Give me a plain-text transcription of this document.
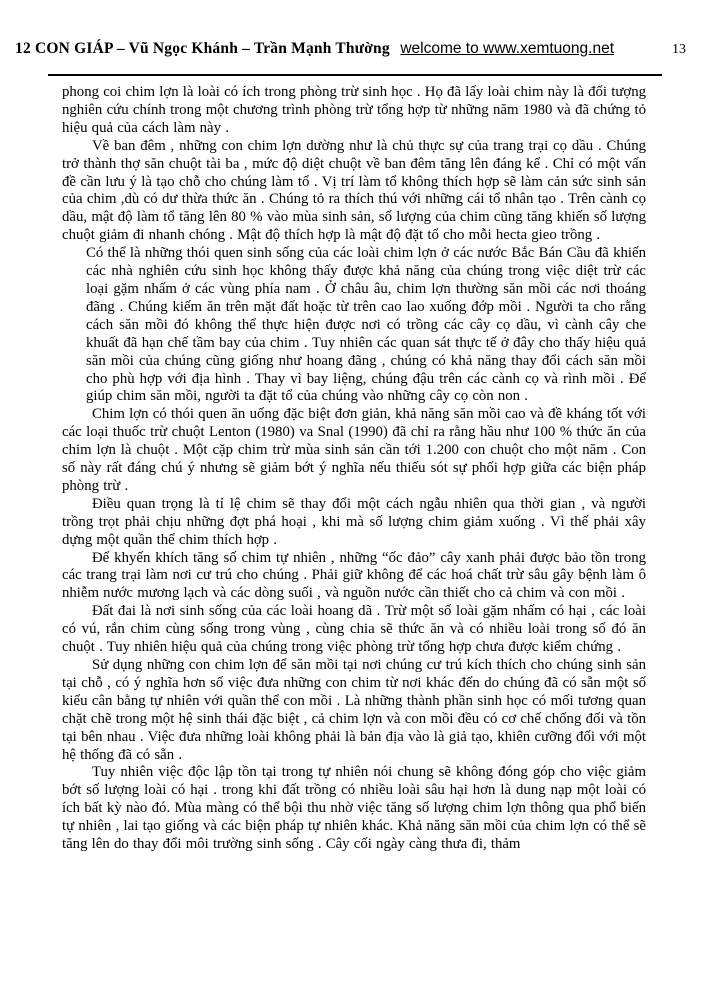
12 CON GIÁP – Vũ Ngọc Khánh – Trần Mạnh Thường welcome to www.xemtuong.net	13

phong coi chim lợn là loài có ích trong phòng trừ sinh học . Họ đã lấy loài chim này là đối tượng nghiên cứu chính trong một chương trình phòng trừ tổng hợp từ những năm 1980 và đã chứng tỏ hiệu quả của cách làm này .

Về ban đêm , những con chim lợn dường như là chủ thực sự của trang trại cọ dầu . Chúng trở thành thợ săn chuột tài ba , mức độ diệt chuột về ban đêm tăng lên đáng kể . Chỉ có một vấn đề cần lưu ý là tạo chỗ cho chúng làm tổ . Vị trí làm tổ không thích hợp sẽ làm cản sức sinh sản của chim ,dù có dư thừa thức ăn . Chúng tỏ ra thích thú với những cái tổ nhân tạo . Trên cành cọ dầu, mật độ làm tổ tăng lên 80 % vào mùa sinh sản, số lượng của chim cũng tăng khiến số lượng chuột giảm đi nhanh chóng . Mật độ thích hợp là mật độ đặt tổ cho mỗi hecta gieo trồng .

Có thể là những thói quen sinh sống của các loài chim lợn ở các nước Bắc Bán Cầu đã khiến các nhà nghiên cứu sinh học không thấy được khả năng của chúng trong việc diệt trừ các loại gặm nhấm ở các vùng phía nam . Ở châu âu, chim lợn thường săn mồi các nơi thoáng đãng . Chúng kiếm ăn trên mặt đất hoặc từ trên cao lao xuống đớp mồi . Người ta cho rằng cách săn mồi đó không thể thực hiện được nơi có trồng các cây cọ dầu, vì cành cây che khuất đã hạn chế tầm bay của chim . Tuy nhiên các quan sát thực tế ở đây cho thấy hiệu quả săn mồi của chúng cũng giống như hoang đãng , chúng có khả năng thay đổi cách săn mồi cho phù hợp với địa hình . Thay vì bay liệng, chúng đậu trên các cành cọ và rình mồi . Để giúp chim săn mồi, người ta đặt tổ của chúng vào những cây cọ còn non .

Chim lợn có thói quen ăn uống đặc biệt đơn giản, khả năng săn mồi cao và đề kháng tốt với các loại thuốc trừ chuột Lenton (1980) va Snal (1990) đã chỉ ra rằng hầu như 100 % thức ăn của chim lợn là chuột . Một cặp chim trừ mùa sinh sản cần tới 1.200 con chuột cho một năm . Con số này rất đáng chú ý nhưng sẽ giảm bớt ý nghĩa nếu thiếu sót sự phối hợp giữa các biện pháp phòng trừ .

Điều quan trọng là tỉ lệ chim sẽ thay đổi một cách ngẫu nhiên qua thời gian , và người trồng trọt phải chịu những đợt phá hoại , khi mà số lượng chim giảm xuống . Vì thế phải xây dựng một quần thể chim thích hợp .

Để khyến khích tăng số chim tự nhiên , những “ốc đảo” cây xanh phải được bảo tồn trong các trang trại làm nơi cư trú cho chúng . Phải giữ không để các hoá chất trừ sâu gây bệnh làm ô nhiễm nước mương lạch và các dòng suối , và nguồn nước cần thiết cho cả chim và con mồi .

Đất đai là nơi sinh sống của các loài hoang dã . Trừ một số loài gặm nhấm có hại , các loài có vú, rắn chim cùng sống trong vùng , cùng chia sẽ thức ăn và có nhiều loài trong số đó ăn chuột . Tuy nhiên hiệu quả của chúng trong việc phòng trừ tổng hợp chưa được kiểm chứng .

Sử dụng những con chim lợn để săn mồi tại nơi chúng cư trú kích thích cho chúng sinh sản tại chỗ , có ý nghĩa hơn số việc đưa những con chim từ nơi khác đến do chúng đã có sẵn một số kiểu cân bằng tự nhiên với quần thể con mồi . Là những thành phần sinh học có mối tương quan chặt chẽ trong một hệ sinh thái đặc biệt , cả chim lợn và con mồi đều có cơ chế chống đối và tồn tại bên nhau . Việc đưa những loài không phải là bản địa vào là giả tạo, khiên cưỡng đối với một hệ thống đã có sẵn .

Tuy nhiên việc độc lập tồn tại trong tự nhiên nói chung sẽ không đóng góp cho việc giảm bớt số lượng loài có hại . trong khi đất trồng có nhiều loài sâu hại hơn là dung nạp một loài có ích bất kỳ nào đó. Mùa màng có thể bội thu nhờ việc tăng số lượng chim lợn thông qua phổ biến tự nhiên , lai tạo giống và các biện pháp tự nhiên khác. Khả năng săn mồi của chim lợn có thể sẽ tăng lên do thay đổi môi trường sinh sống . Cây cối ngày càng thưa đi, thảm
